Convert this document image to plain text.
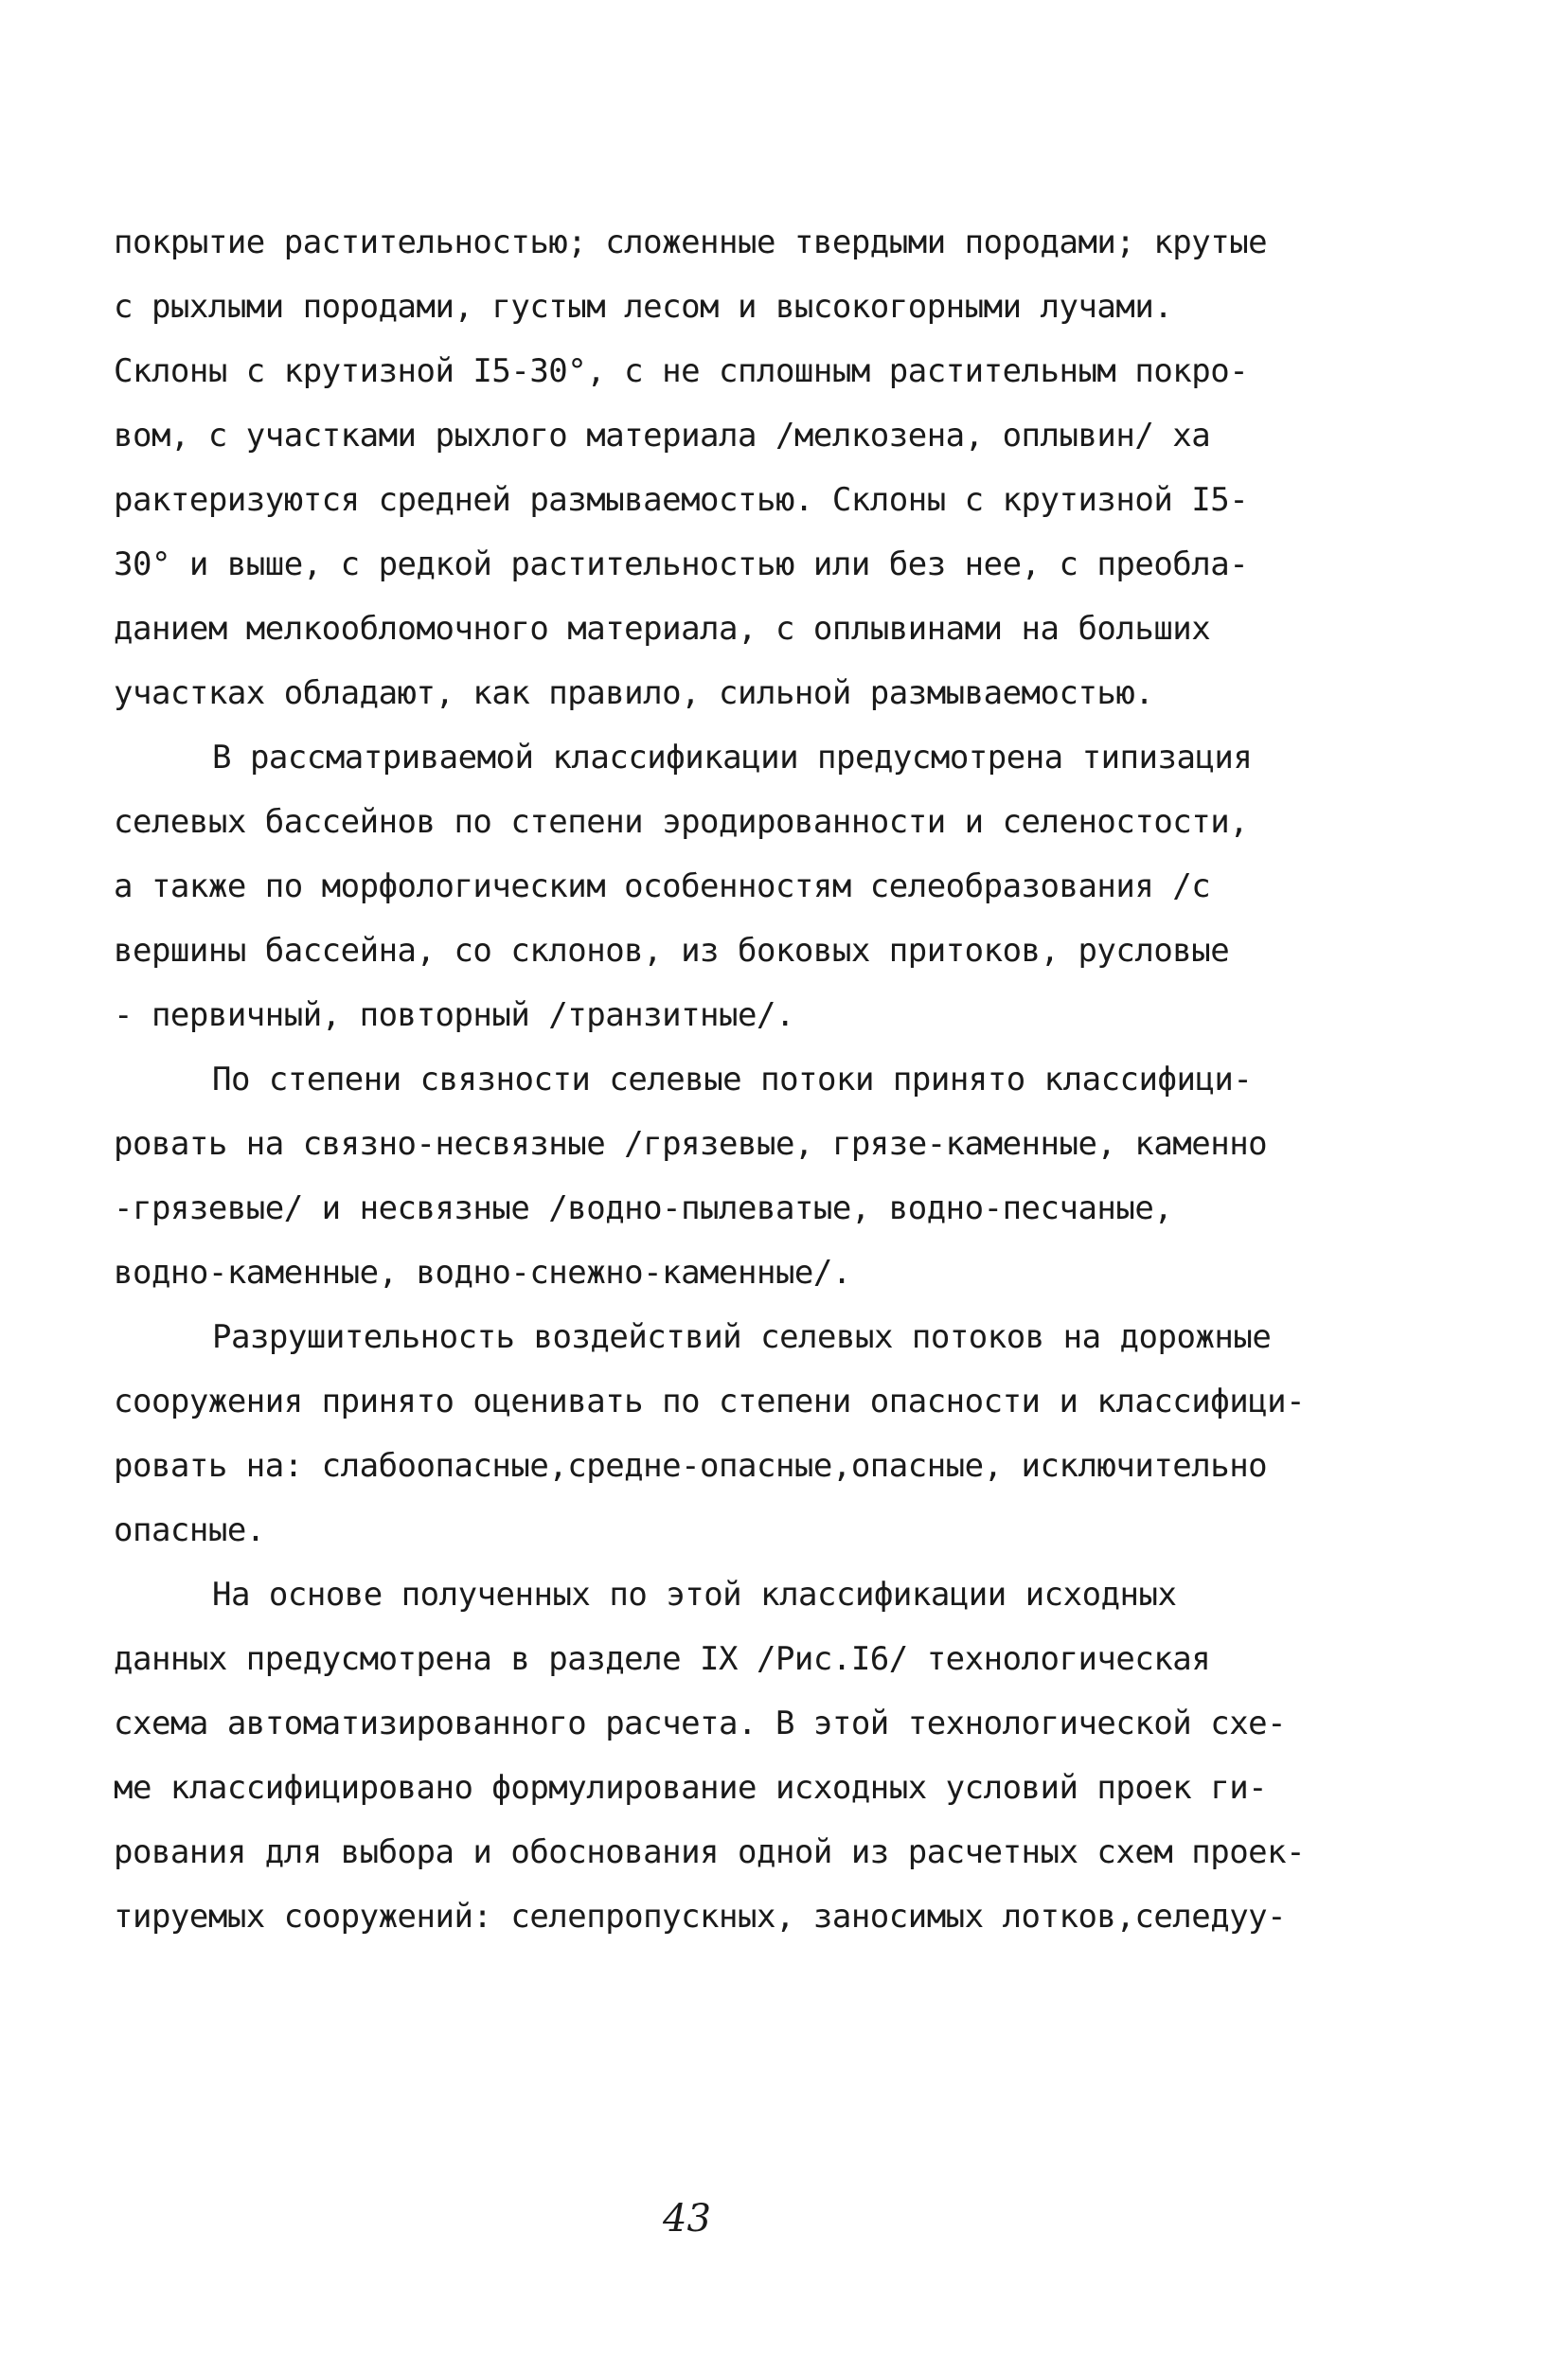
покрытие растительностью; сложенные твердыми породами; крутые
с рыхлыми породами, густым лесом и высокогорными лучами.
Склоны с крутизной I5-30°, с не сплошным растительным покро-
вом, с участками рыхлого материала /мелкозена, оплывин/ ха
рактеризуются средней размываемостью. Склоны с крутизной I5-
30° и выше, с редкой растительностью или без нее, с преобла-
данием мелкообломочного материала, с оплывинами на больших
участках обладают, как правило, сильной размываемостью.
В рассматриваемой классификации предусмотрена типизация
селевых бассейнов по степени эродированности и селеностости,
а также по морфологическим особенностям селеобразования /с
вершины бассейна, со склонов, из боковых притоков, русловые
- первичный, повторный /транзитные/.
По степени связности селевые потоки принято классифици-
ровать на связно-несвязные /грязевые, грязе-каменные, каменно
-грязевые/ и несвязные /водно-пылеватые, водно-песчаные,
водно-каменные, водно-снежно-каменные/.
Разрушительность воздействий селевых потоков на дорожные
сооружения принято оценивать по степени опасности и классифици-
ровать на: слабоопасные,средне-опасные,опасные, исключительно
опасные.
На основе полученных по этой классификации исходных
данных предусмотрена в разделе IX /Рис.I6/ технологическая
схема автоматизированного расчета. В этой технологической схе-
ме классифицировано формулирование исходных условий проек ги-
рования для выбора и обоснования одной из расчетных схем проек-
тируемых сооружений: селепропускных, заносимых лотков,селедуу-
43
